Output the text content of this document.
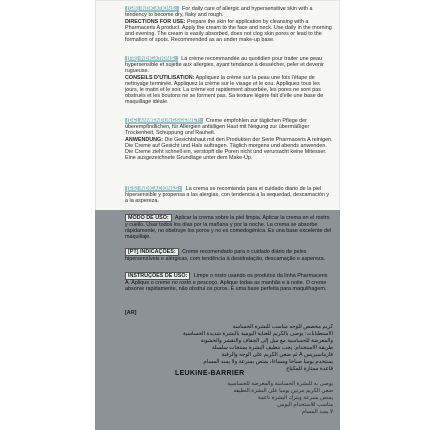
[GB] INDICATIONS: For daily care of allergic and hypersensitive skin with a tendency to become dry, flaky and rough.
DIRECTIONS FOR USE: Prepare the skin for application by cleansing with a Pharmaceris A product. Apply the cream to the face and neck. Use daily in the morning and evening. The cream is easily absorbed, does not clog skin pores or lead to the formation of spots. Recommended as an under make-up base.
[FR] INDICATIONS: La crème recommandée au quotidien pour traiter une peau hypersensible et sujette aux allergies, ayant tendance à dessécher, peler et devenir rugueuse.
CONSEILS D'UTILISATION: Appliquez la crème sur la peau une fois l'étape de nettoyage terminée. Appliquez la crème sur le visage et le cou. Appliquez tous les jours, le matin et le soir. La crème est rapidement absorbée, les pores ne sont pas obstrués et les boutons ne se forment pas. Sa texture légère fait d'elle une base de maquillage idéale.
[DE] ANWENDUNGSGEBIET: Creme empfohlen zur täglichen Pflege der überempfindlichen, für Allergien anfälligen Haut mit Neigung zur übermäßiger Trockenheit, Schuppung und Rauheit.
ANWENDUNG: Die Gesichtshaut mit den Produkten der Serie Pharmaceris A reinigen. Die Creme auf Gesicht und Hals auftragen. Täglich morgens und abends anwenden. Die Creme zieht schnell ein, verstopft die Poren nicht und verursacht keine Mitesser. Eine ausgezeichnete Grundlage unter dem Make-Up.
[ES] INDICACIONES: La crema se recomienda para el cuidado diario de la piel hipersensible y propensa a las alergias, con tendencia a la sequedad, descamación y a la aspereza.
MODO DE USO: Aplicar la crema sobre la piel limpia. Aplicar la crema en el rostro y cuello. Usar todos los días por la mañana y por la noche. La crema se absorbe rápidamente, no obstruye los poros y no es comedogénica. Es una base excelente del maquillaje.
[PT] INDICAÇÕES: Creme recomendado para o cuidado diário de peles hipersensíveis e alérgicas, com tendência à desidratação, descamação e aspereza.
INSTRUÇÕES DE USO: Limpe o rosto usando os produtos da linha Pharmaceris A. Aplique o creme no rosto e pescoço. Aplique todas as manhãs e à noite. O creme absorve rapidamente, não obstrui os poros. É uma base perfeita para maquilhagem.
[AR]
كريم مخصص للوجه مناسب للبشرة الحساسة
الاستطبابات: يوصى بالكريم للعناية اليومية بالبشرة شديدة الحساسية
والمعرضة للحساسية مع ميل إلى الجفاف والتقشر والخشونة
طريقة الاستخدام: يجب تنظيف البشرة بمنتجات سلسلة
فارماسيريس A ثم ضعي الكريم على الوجه والرقبة
يستخدم يوميا صباحا ومساءا، يمتص بسرعة ولا يسد المسام
قاعدة ممتازة للمكياج
LEUKINE-BARRIER
يوصى به للبشرة الحساسة والمعرضة للحساسية
ضعي الكريم مرتين يوميا على البشرة النظيفة
يمتص بسرعة ويترك البشرة ناعمة
مناسب للاستخدام اليومي
لا يسد المسام
